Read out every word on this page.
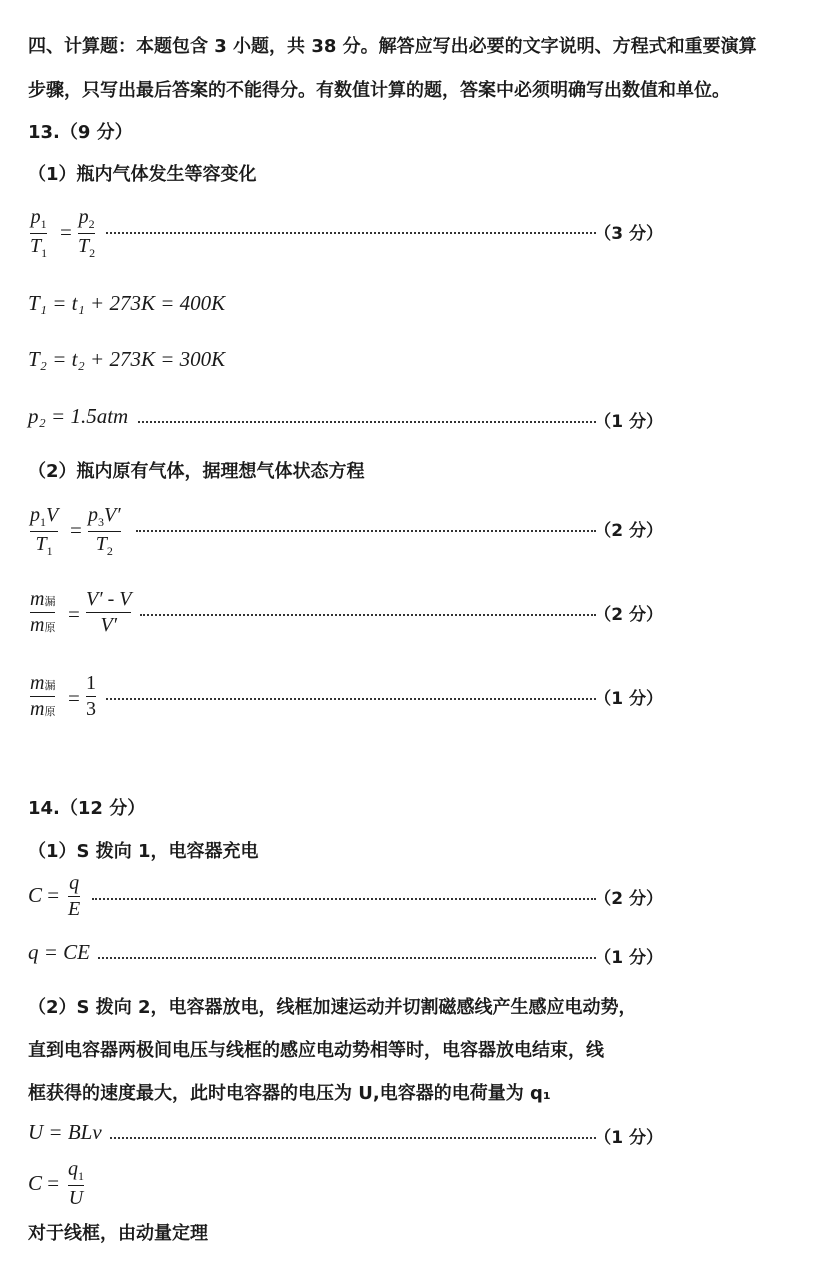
四、计算题：本题包含 3 小题，共 38 分。解答应写出必要的文字说明、方程式和重要演算
步骤，只写出最后答案的不能得分。有数值计算的题，答案中必须明确写出数值和单位。
13.（9 分）
（1）瓶内气体发生等容变化
$p_1$
$T_1$
=
$p_2$
$T_2$
（3 分）
T₁ = t₁ + 273K = 400K
T₂ = t₂ + 273K = 300K
p₂ = 1.5atm	（1 分）
（2）瓶内原有气体，据理想气体状态方程
$p_1V$
$T_1$
=
$p_3V'$
$T_2$
（2 分）
m漏
m原
=
V′ - V
V′	（2 分）
m漏
m原
=
1
3	（1 分）
14.（12 分）
（1）S 拨向 1，电容器充电
C = q
E	（2 分）
q = CE	（1 分）
（2）S 拨向 2，电容器放电，线框加速运动并切割磁感线产生感应电动势，
直到电容器两极间电压与线框的感应电动势相等时，电容器放电结束，线
框获得的速度最大，此时电容器的电压为 U,电容器的电荷量为 q₁
U = BLv	（1 分）
C =
$q_1$
U
对于线框，由动量定理
